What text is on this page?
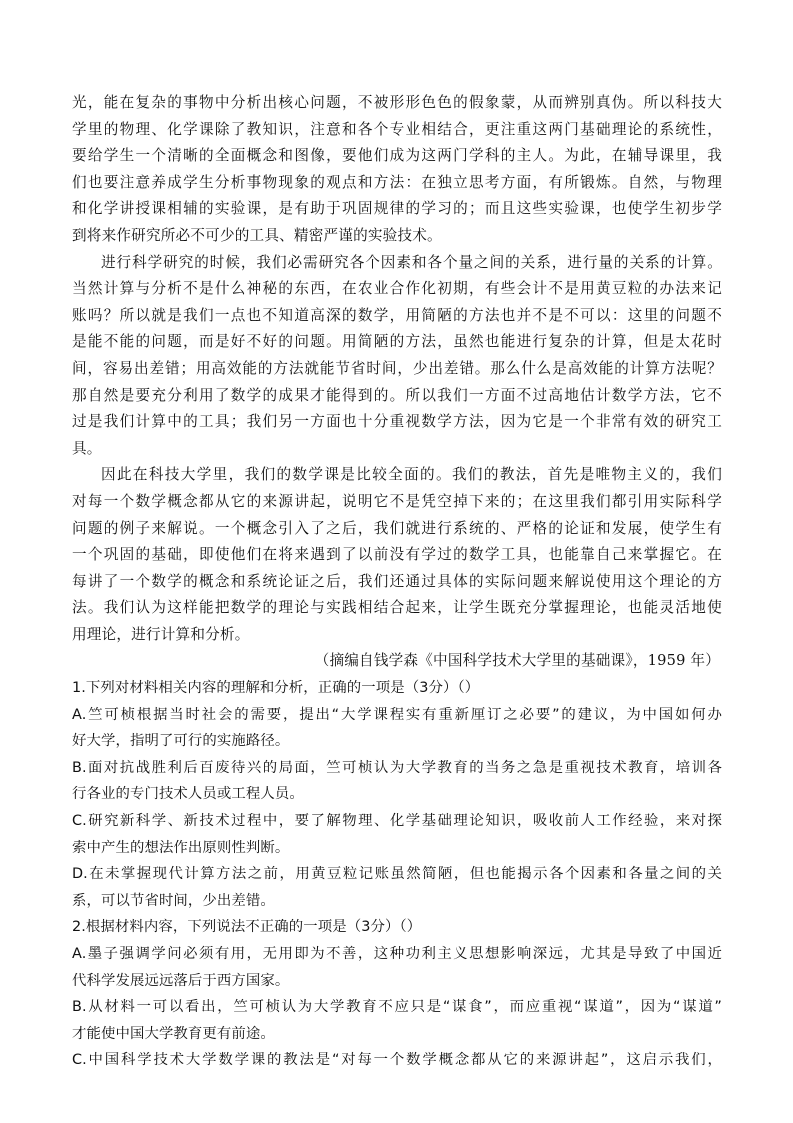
光，能在复杂的事物中分析出核心问题，不被形形色色的假象蒙，从而辨别真伪。所以科技大
学里的物理、化学课除了教知识，注意和各个专业相结合，更注重这两门基础理论的系统性，
要给学生一个清晰的全面概念和图像，要他们成为这两门学科的主人。为此，在辅导课里，我
们也要注意养成学生分析事物现象的观点和方法：在独立思考方面，有所锻炼。自然，与物理
和化学讲授课相辅的实验课，是有助于巩固规律的学习的；而且这些实验课，也使学生初步学
到将来作研究所必不可少的工具、精密严谨的实验技术。
进行科学研究的时候，我们必需研究各个因素和各个量之间的关系，进行量的关系的计算。
当然计算与分析不是什么神秘的东西，在农业合作化初期，有些会计不是用黄豆粒的办法来记
账吗？所以就是我们一点也不知道高深的数学，用简陋的方法也并不是不可以：这里的问题不
是能不能的问题，而是好不好的问题。用简陋的方法，虽然也能进行复杂的计算，但是太花时
间，容易出差错；用高效能的方法就能节省时间，少出差错。那么什么是高效能的计算方法呢？
那自然是要充分利用了数学的成果才能得到的。所以我们一方面不过高地估计数学方法，它不
过是我们计算中的工具；我们另一方面也十分重视数学方法，因为它是一个非常有效的研究工
具。
因此在科技大学里，我们的数学课是比较全面的。我们的教法，首先是唯物主义的，我们
对每一个数学概念都从它的来源讲起，说明它不是凭空掉下来的；在这里我们都引用实际科学
问题的例子来解说。一个概念引入了之后，我们就进行系统的、严格的论证和发展，使学生有
一个巩固的基础，即使他们在将来遇到了以前没有学过的数学工具，也能靠自己来掌握它。在
每讲了一个数学的概念和系统论证之后，我们还通过具体的实际问题来解说使用这个理论的方
法。我们认为这样能把数学的理论与实践相结合起来，让学生既充分掌握理论，也能灵活地使
用理论，进行计算和分析。
（摘编自钱学森《中国科学技术大学里的基础课》，1959 年）
1.下列对材料相关内容的理解和分析，正确的一项是（3分）（）
A.竺可桢根据当时社会的需要，提出“大学课程实有重新厘订之必要”的建议，为中国如何办
好大学，指明了可行的实施路径。
B.面对抗战胜利后百废待兴的局面，竺可桢认为大学教育的当务之急是重视技术教育，培训各
行各业的专门技术人员或工程人员。
C.研究新科学、新技术过程中，要了解物理、化学基础理论知识，吸收前人工作经验，来对探
索中产生的想法作出原则性判断。
D.在未掌握现代计算方法之前，用黄豆粒记账虽然简陋，但也能揭示各个因素和各量之间的关
系，可以节省时间，少出差错。
2.根据材料内容，下列说法不正确的一项是（3分）（）
A.墨子强调学问必须有用，无用即为不善，这种功利主义思想影响深远，尤其是导致了中国近
代科学发展远远落后于西方国家。
B.从材料一可以看出，竺可桢认为大学教育不应只是“谋食”，而应重视“谋道”，因为“谋道”
才能使中国大学教育更有前途。
C.中国科学技术大学数学课的教法是“对每一个数学概念都从它的来源讲起”，这启示我们，
